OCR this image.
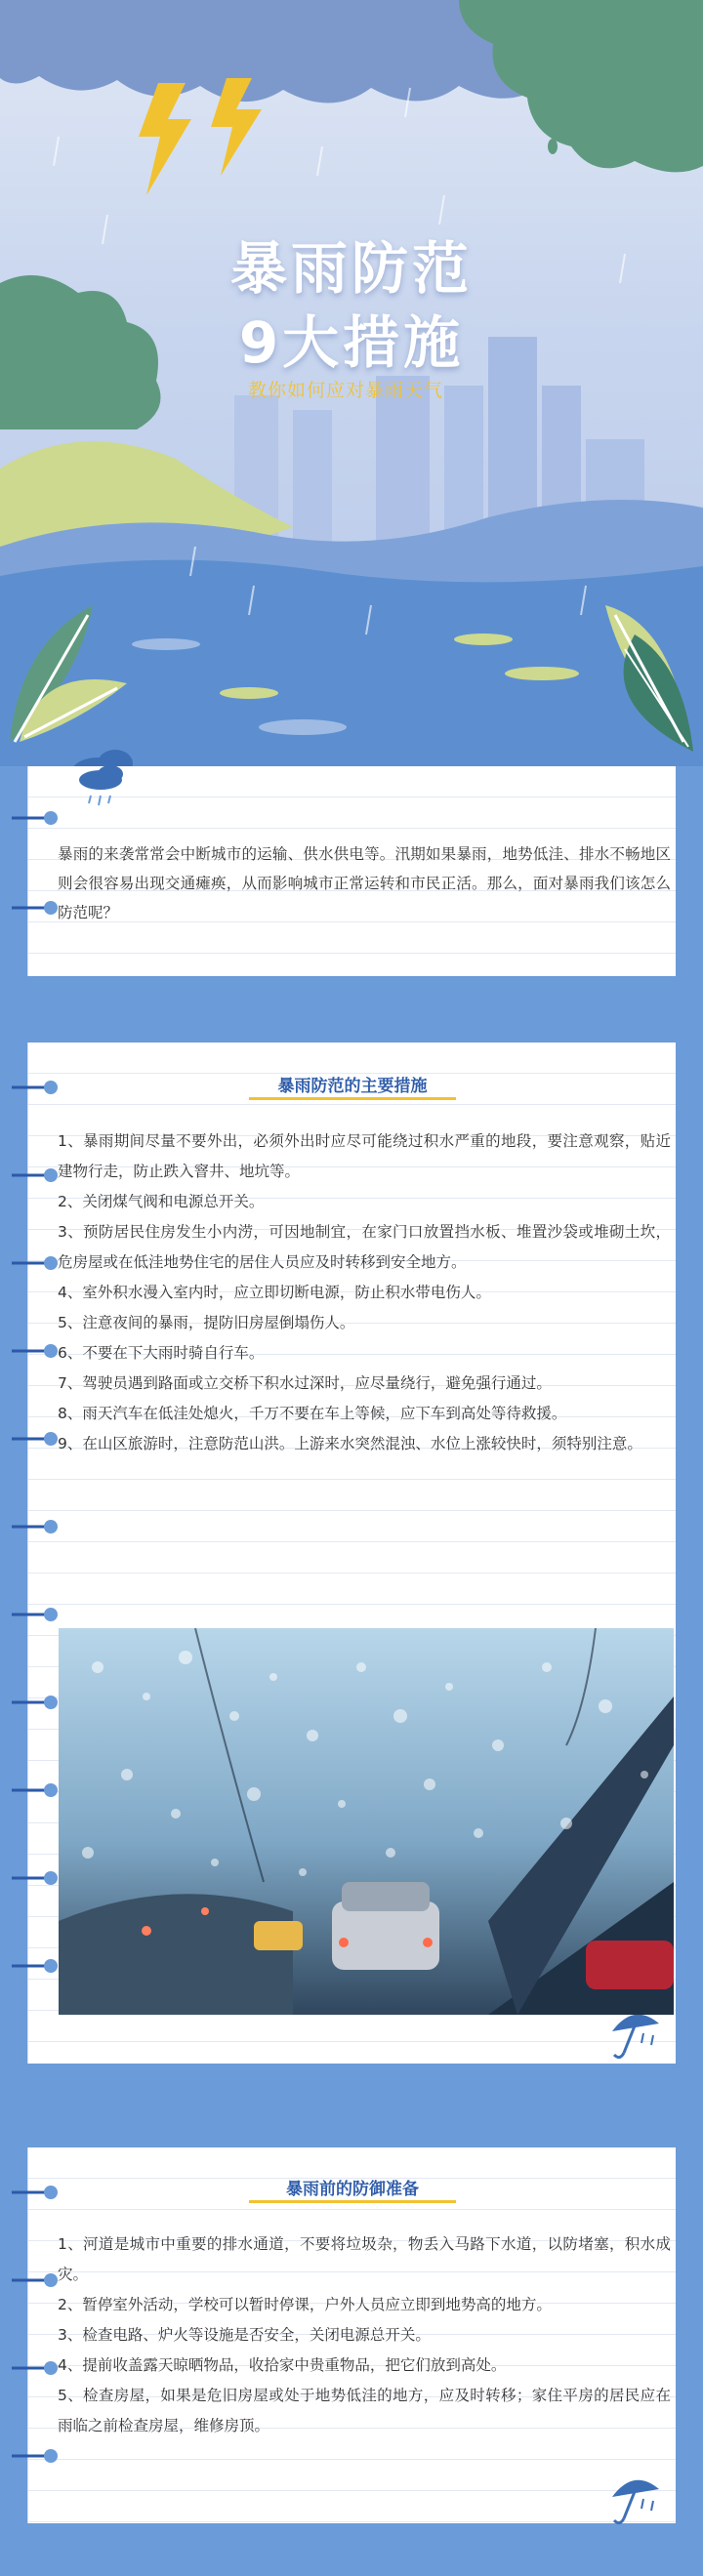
暴雨防范
9大措施
教你如何应对暴雨天气

暴雨的来袭常常会中断城市的运输、供水供电等。汛期如果暴雨，地势低洼、排水不畅地区则会很容易出现交通瘫痪，从而影响城市正常运转和市民正活。那么，面对暴雨我们该怎么防范呢？

暴雨防范的主要措施
1、暴雨期间尽量不要外出，必须外出时应尽可能绕过积水严重的地段，要注意观察，贴近建物行走，防止跌入窨井、地坑等。
2、关闭煤气阀和电源总开关。
3、预防居民住房发生小内涝，可因地制宜，在家门口放置挡水板、堆置沙袋或堆砌土坎，危房屋或在低洼地势住宅的居住人员应及时转移到安全地方。
4、室外积水漫入室内时，应立即切断电源，防止积水带电伤人。
5、注意夜间的暴雨，提防旧房屋倒塌伤人。
6、不要在下大雨时骑自行车。
7、驾驶员遇到路面或立交桥下积水过深时，应尽量绕行，避免强行通过。
8、雨天汽车在低洼处熄火，千万不要在车上等候，应下车到高处等待救援。
9、在山区旅游时，注意防范山洪。上游来水突然混浊、水位上涨较快时，须特别注意。
暴雨前的防御准备
1、河道是城市中重要的排水通道，不要将垃圾杂，物丢入马路下水道，以防堵塞，积水成灾。
2、暂停室外活动，学校可以暂时停课，户外人员应立即到地势高的地方。
3、检查电路、炉火等设施是否安全，关闭电源总开关。
4、提前收盖露天晾晒物品，收拾家中贵重物品，把它们放到高处。
5、检查房屋，如果是危旧房屋或处于地势低洼的地方，应及时转移；家住平房的居民应在雨临之前检查房屋，维修房顶。
